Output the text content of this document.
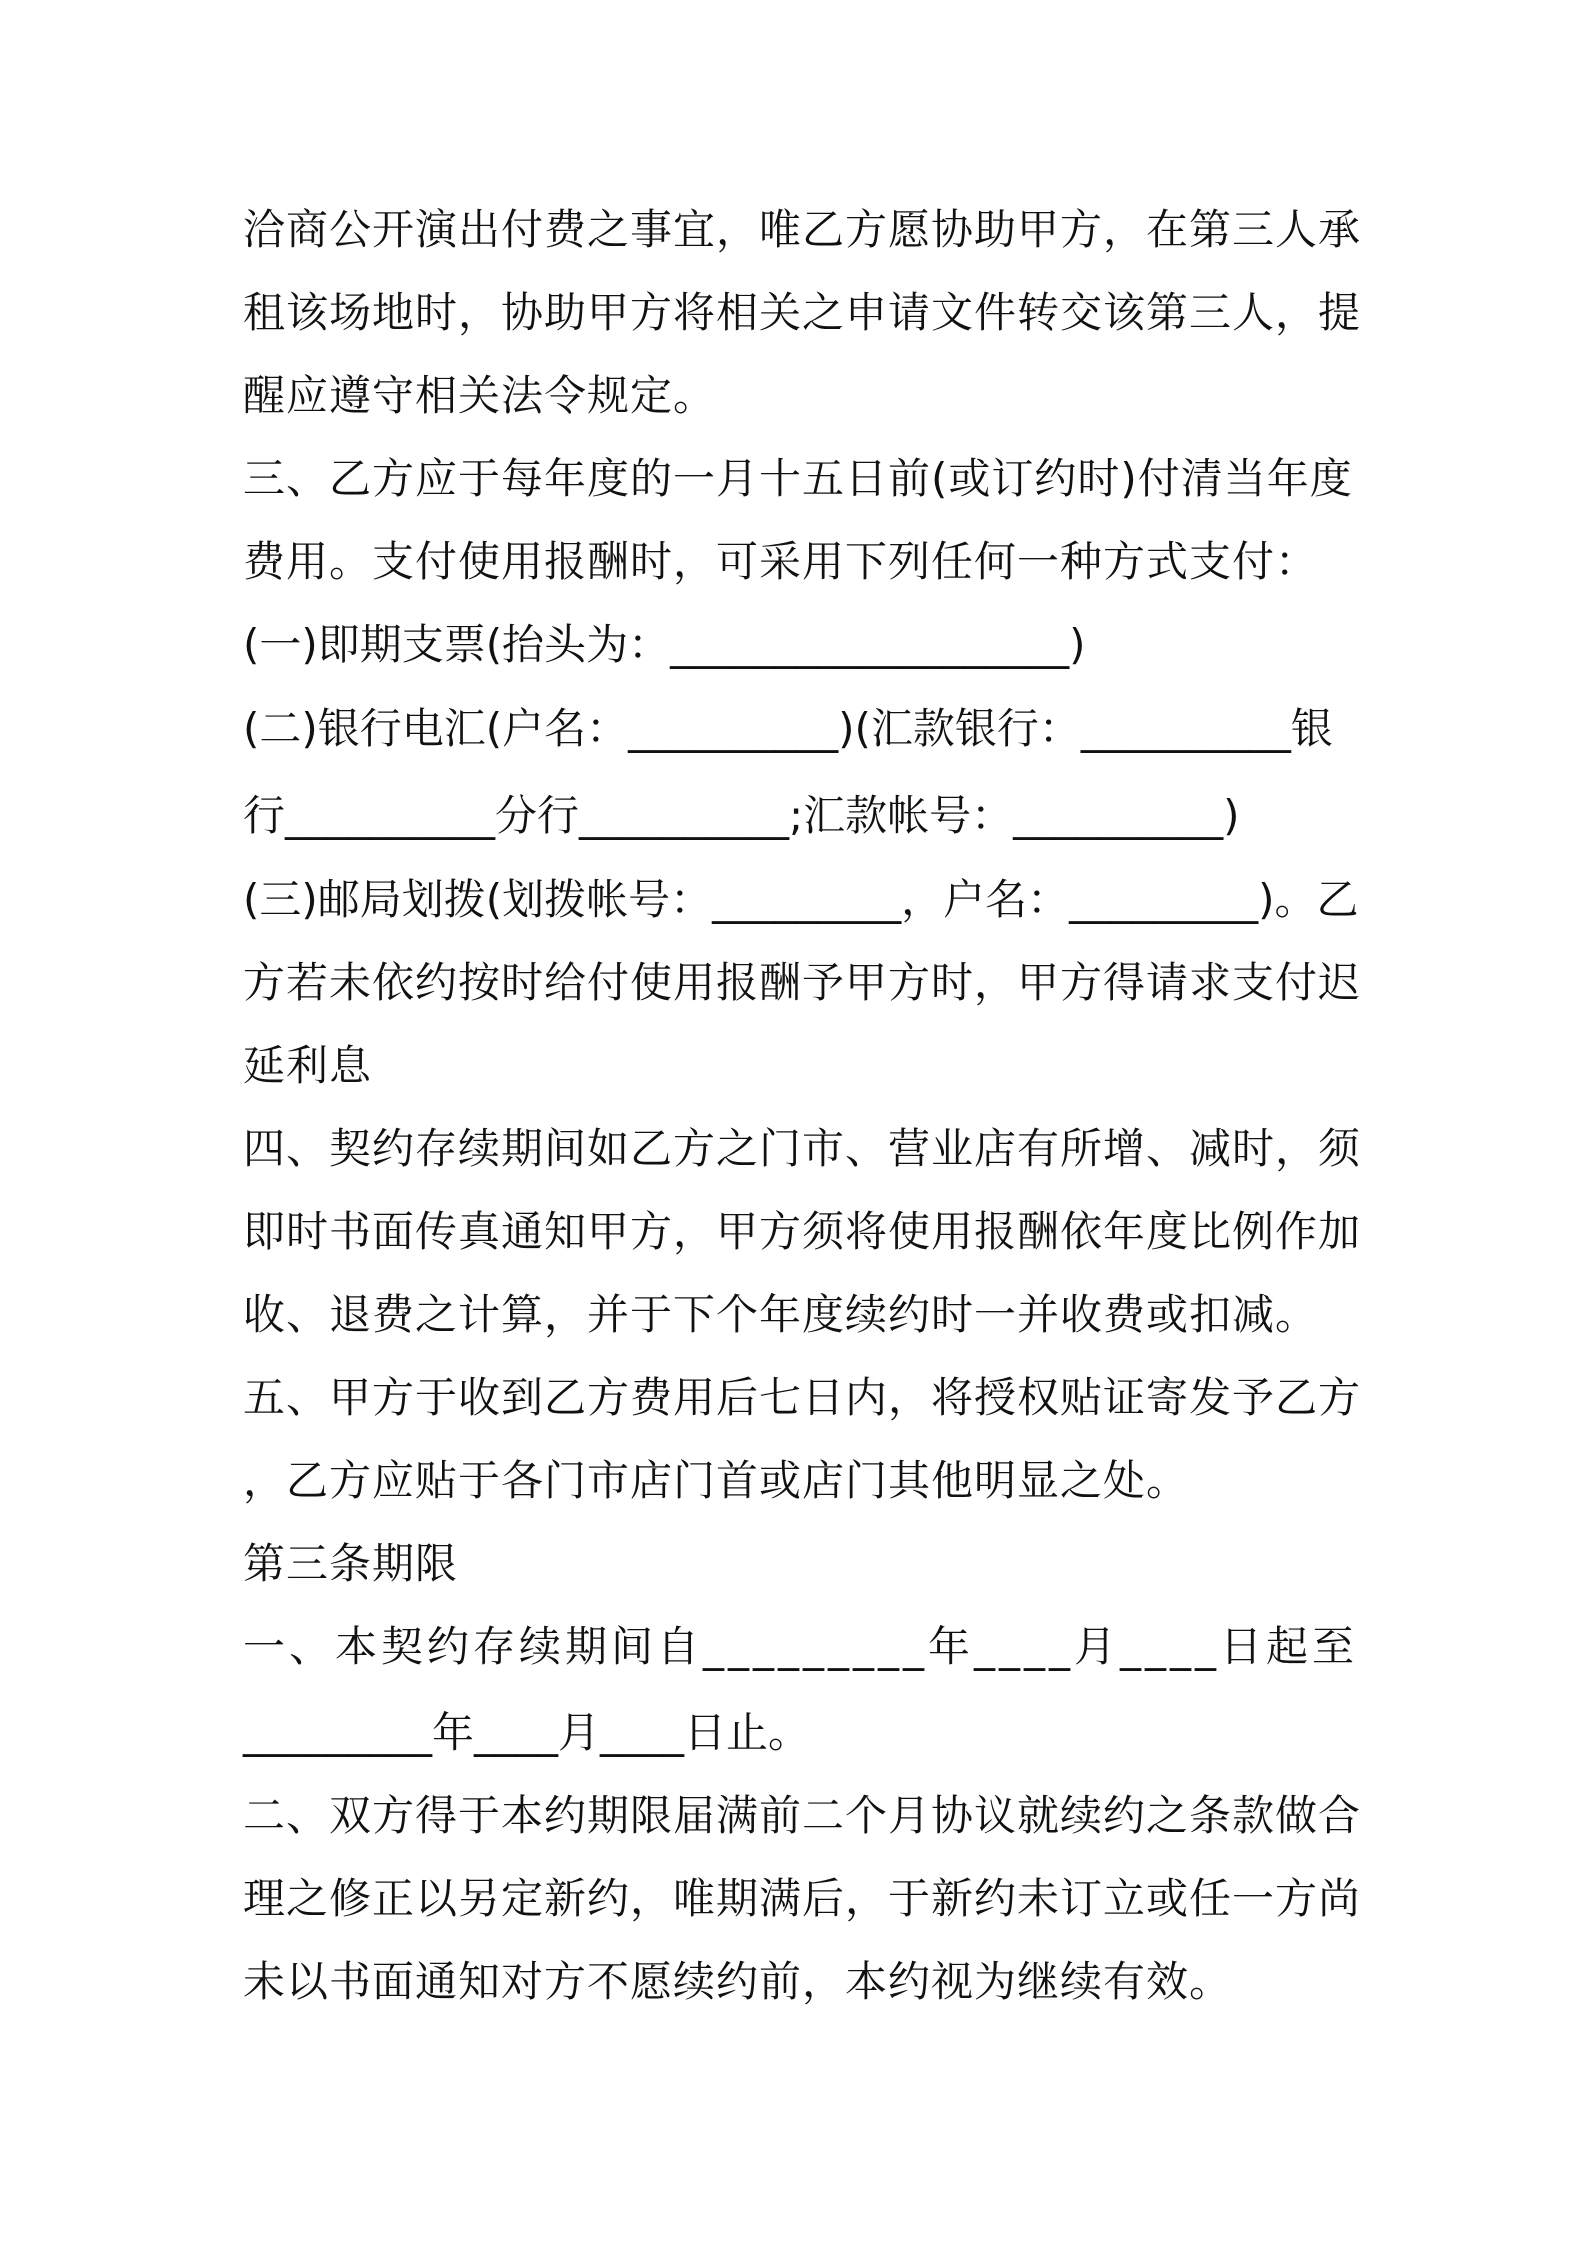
洽商公开演出付费之事宜，唯乙方愿协助甲方，在第三人承
租该场地时，协助甲方将相关之申请文件转交该第三人，提
醒应遵守相关法令规定。
三、乙方应于每年度的一月十五日前(或订约时)付清当年度
费用。支付使用报酬时，可采用下列任何一种方式支付：
(一)即期支票(抬头为：___________________)
(二)银行电汇(户名：__________)(汇款银行：__________银
行__________分行__________;汇款帐号：__________)
(三)邮局划拨(划拨帐号：_________，户名：_________)。乙
方若未依约按时给付使用报酬予甲方时，甲方得请求支付迟
延利息
四、契约存续期间如乙方之门市、营业店有所增、减时，须
即时书面传真通知甲方，甲方须将使用报酬依年度比例作加
收、退费之计算，并于下个年度续约时一并收费或扣减。
五、甲方于收到乙方费用后七日内，将授权贴证寄发予乙方
，乙方应贴于各门市店门首或店门其他明显之处。
第三条期限
一、本契约存续期间自_________年____月____日起至
_________年____月____日止。
二、双方得于本约期限届满前二个月协议就续约之条款做合
理之修正以另定新约，唯期满后，于新约未订立或任一方尚
未以书面通知对方不愿续约前，本约视为继续有效。
